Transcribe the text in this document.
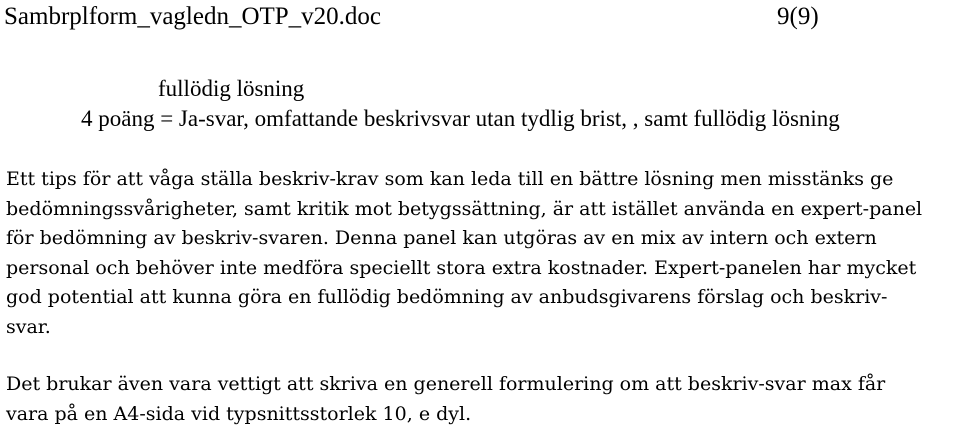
Sambrplform_vagledn_OTP_v20.doc	9(9)
fullödig lösning
4 poäng = Ja-svar, omfattande beskrivsvar utan tydlig brist, , samt fullödig lösning
Ett tips för att våga ställa beskriv-krav som kan leda till en bättre lösning men misstänks ge
bedömningssvårigheter, samt kritik mot betygssättning, är att istället använda en expert-panel
för bedömning av beskriv-svaren. Denna panel kan utgöras av en mix av intern och extern
personal och behöver inte medföra speciellt stora extra kostnader. Expert-panelen har mycket
god potential att kunna göra en fullödig bedömning av anbudsgivarens förslag och beskriv-
svar.
Det brukar även vara vettigt att skriva en generell formulering om att beskriv-svar max får
vara på en A4-sida vid typsnittsstorlek 10, e dyl.
